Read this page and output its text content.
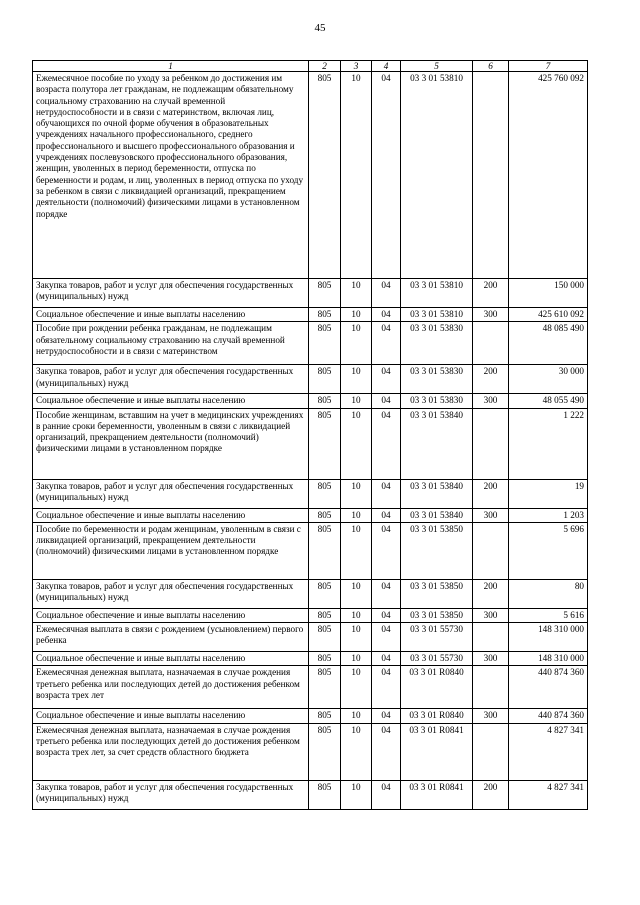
45
1	2	3	4	5	6	7
Ежемесячное пособие по уходу за ребенком до достижения им возраста полутора лет гражданам, не подлежащим обязательному социальному страхованию на случай временной нетрудоспособности и в связи с материнством, включая лиц, обучающихся по очной форме обучения в образовательных учреждениях начального профессионального, среднего профессионального и высшего профессионального образования и учреждениях послевузовского профессионального образования, женщин, уволенных в период беременности, отпуска по беременности и родам, и лиц, уволенных в период отпуска по уходу за ребенком в связи с ликвидацией организаций, прекращением деятельности (полномочий) физическими лицами в установленном порядке	805	10	04	03 3 01 53810		425 760 092
Закупка товаров, работ и услуг для обеспечения государственных (муниципальных) нужд	805	10	04	03 3 01 53810	200	150 000
Социальное обеспечение и иные выплаты населению	805	10	04	03 3 01 53810	300	425 610 092
Пособие при рождении ребенка гражданам, не подлежащим обязательному социальному страхованию на случай временной нетрудоспособности и в связи с материнством	805	10	04	03 3 01 53830		48 085 490
Закупка товаров, работ и услуг для обеспечения государственных (муниципальных) нужд	805	10	04	03 3 01 53830	200	30 000
Социальное обеспечение и иные выплаты населению	805	10	04	03 3 01 53830	300	48 055 490
Пособие женщинам, вставшим на учет в медицинских учреждениях в ранние сроки беременности, уволенным в связи с ликвидацией организаций, прекращением деятельности (полномочий) физическими лицами в установленном порядке	805	10	04	03 3 01 53840		1 222
Закупка товаров, работ и услуг для обеспечения государственных (муниципальных) нужд	805	10	04	03 3 01 53840	200	19
Социальное обеспечение и иные выплаты населению	805	10	04	03 3 01 53840	300	1 203
Пособие по беременности и родам женщинам, уволенным в связи с ликвидацией организаций, прекращением деятельности (полномочий) физическими лицами в установленном порядке	805	10	04	03 3 01 53850		5 696
Закупка товаров, работ и услуг для обеспечения государственных (муниципальных) нужд	805	10	04	03 3 01 53850	200	80
Социальное обеспечение и иные выплаты населению	805	10	04	03 3 01 53850	300	5 616
Ежемесячная выплата в связи с рождением (усыновлением) первого ребенка	805	10	04	03 3 01 55730		148 310 000
Социальное обеспечение и иные выплаты населению	805	10	04	03 3 01 55730	300	148 310 000
Ежемесячная денежная выплата, назначаемая в случае рождения третьего ребенка или последующих детей до достижения ребенком возраста трех лет	805	10	04	03 3 01 R0840		440 874 360
Социальное обеспечение и иные выплаты населению	805	10	04	03 3 01 R0840	300	440 874 360
Ежемесячная денежная выплата, назначаемая в случае рождения третьего ребенка или последующих детей до достижения ребенком возраста трех лет, за счет средств областного бюджета	805	10	04	03 3 01 R0841		4 827 341
Закупка товаров, работ и услуг для обеспечения государственных (муниципальных) нужд	805	10	04	03 3 01 R0841	200	4 827 341
